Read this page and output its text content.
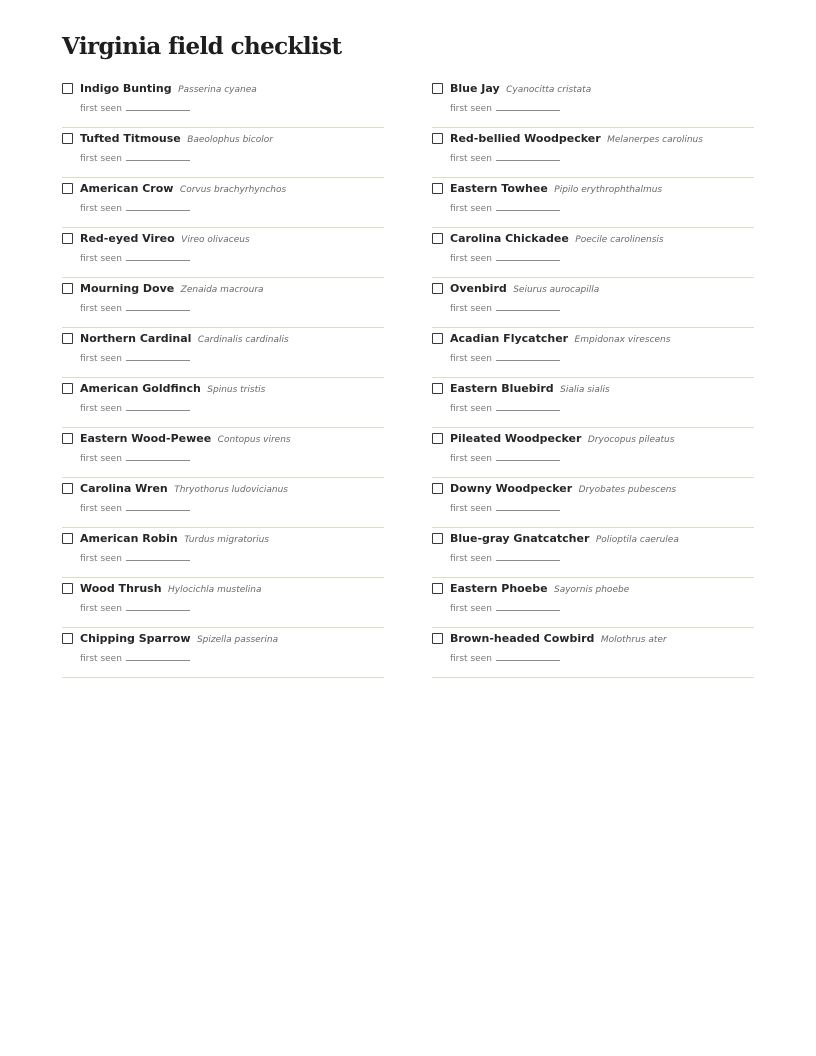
Virginia field checklist
Indigo Bunting Passerina cyanea
first seen
Tufted Titmouse Baeolophus bicolor
first seen
American Crow Corvus brachyrhynchos
first seen
Red-eyed Vireo Vireo olivaceus
first seen
Mourning Dove Zenaida macroura
first seen
Northern Cardinal Cardinalis cardinalis
first seen
American Goldfinch Spinus tristis
first seen
Eastern Wood-Pewee Contopus virens
first seen
Carolina Wren Thryothorus ludovicianus
first seen
American Robin Turdus migratorius
first seen
Wood Thrush Hylocichla mustelina
first seen
Chipping Sparrow Spizella passerina
first seen
Blue Jay Cyanocitta cristata
first seen
Red-bellied Woodpecker Melanerpes carolinus
first seen
Eastern Towhee Pipilo erythrophthalmus
first seen
Carolina Chickadee Poecile carolinensis
first seen
Ovenbird Seiurus aurocapilla
first seen
Acadian Flycatcher Empidonax virescens
first seen
Eastern Bluebird Sialia sialis
first seen
Pileated Woodpecker Dryocopus pileatus
first seen
Downy Woodpecker Dryobates pubescens
first seen
Blue-gray Gnatcatcher Polioptila caerulea
first seen
Eastern Phoebe Sayornis phoebe
first seen
Brown-headed Cowbird Molothrus ater
first seen
